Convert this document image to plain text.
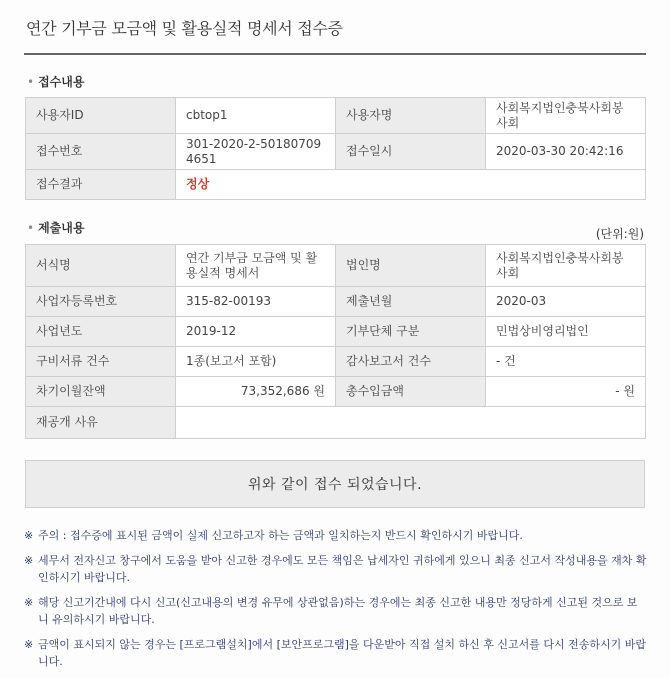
연간 기부금 모금액 및 활용실적 명세서 접수증
• 접수내용
사용자ID	cbtop1	사용자명	사회복지법인충북사회봉사회
접수번호	301-2020-2-501807094651	접수일시	2020-03-30 20:42:16
접수결과	정상		
• 제출내용	(단위:원)
서식명	연간 기부금 모금액 및 활용실적 명세서	법인명	사회복지법인충북사회봉사회
사업자등록번호	315-82-00193	제출년월	2020-03
사업년도	2019-12	기부단체 구분	민법상비영리법인
구비서류 건수	1종(보고서 포함)	감사보고서 건수	- 건
차기이월잔액	73,352,686 원	총수입금액	- 원
재공개 사유			
위와 같이 접수 되었습니다.
※ 주의 : 접수증에 표시된 금액이 실제 신고하고자 하는 금액과 일치하는지 반드시 확인하시기 바랍니다.
※ 세무서 전자신고 창구에서 도움을 받아 신고한 경우에도 모든 책임은 납세자인 귀하에게 있으니 최종 신고서 작성내용을 재차 확인하시기 바랍니다.
※ 해당 신고기간내에 다시 신고(신고내용의 변경 유무에 상관없음)하는 경우에는 최종 신고한 내용만 정당하게 신고된 것으로 보니 유의하시기 바랍니다.
※ 금액이 표시되지 않는 경우는 [프로그램설치]에서 [보안프로그램]을 다운받아 직접 설치 하신 후 신고서를 다시 전송하시기 바랍니다.
